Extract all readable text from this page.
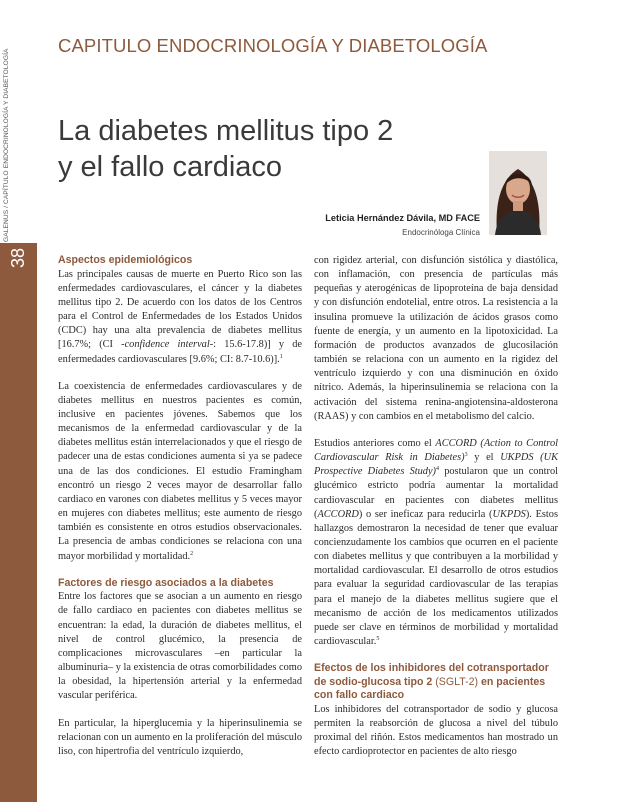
GALENUS / CAPÍTULO ENDOCRINOLOGÍA Y DIABETOLOGÍA
38
CAPITULO ENDOCRINOLOGÍA Y DIABETOLOGÍA
La diabetes mellitus tipo 2
y el fallo cardiaco
Leticia Hernández Dávila, MD FACE
Endocrinóloga Clínica
Aspectos epidemiológicos

Las principales causas de muerte en Puerto Rico son las enfermedades cardiovasculares, el cáncer y la diabetes mellitus tipo 2. De acuerdo con los datos de los Centros para el Control de Enfermedades de los Estados Unidos (CDC) hay una alta prevalencia de diabetes mellitus [16.7%; (CI -confidence interval-: 15.6-17.8)] y de enfermedades cardiovasculares [9.6%; CI: 8.7-10.6)].$^1$

La coexistencia de enfermedades cardiovasculares y de diabetes mellitus en nuestros pacientes es común, inclusive en pacientes jóvenes. Sabemos que los mecanismos de la enfermedad cardiovascular y de la diabetes mellitus están interrelacionados y que el riesgo de padecer una de estas condiciones aumenta si ya se padece una de las dos condiciones. El estudio Framingham encontró un riesgo 2 veces mayor de desarrollar fallo cardiaco en varones con diabetes mellitus y 5 veces mayor en mujeres con diabetes mellitus; este aumento de riesgo también es consistente en otros estudios observacionales. La presencia de ambas condiciones se relaciona con una mayor morbilidad y mortalidad.$^2$

Factores de riesgo asociados a la diabetes

Entre los factores que se asocian a un aumento en riesgo de fallo cardiaco en pacientes con diabetes mellitus se encuentran: la edad, la duración de diabetes mellitus, el nivel de control glucémico, la presencia de complicaciones microvasculares –en particular la albuminuria– y la existencia de otras comorbilidades como la obesidad, la hipertensión arterial y la enfermedad vascular periférica.

En particular, la hiperglucemia y la hiperinsulinemia se relacionan con un aumento en la proliferación del músculo liso, con hipertrofia del ventrículo izquierdo,

con rigidez arterial, con disfunción sistólica y diastólica, con inflamación, con presencia de partículas más pequeñas y aterogénicas de lipoproteína de baja densidad y con disfunción endotelial, entre otros. La resistencia a la insulina promueve la utilización de ácidos grasos como fuente de energía, y un aumento en la lipotoxicidad. La formación de productos avanzados de glucosilación también se relaciona con un aumento en la rigidez del ventrículo izquierdo y con una disminución en óxido nítrico. Además, la hiperinsulinemia se relaciona con la activación del sistema renina-angiotensina-aldosterona (RAAS) y con cambios en el metabolismo del calcio.

Estudios anteriores como el ACCORD (Action to Control Cardiovascular Risk in Diabetes)$^3$ y el UKPDS (UK Prospective Diabetes Study)$^4$ postularon que un control glucémico estricto podría aumentar la mortalidad cardiovascular en pacientes con diabetes mellitus (ACCORD) o ser ineficaz para reducirla (UKPDS). Estos hallazgos demostraron la necesidad de tener que evaluar concienzudamente los cambios que ocurren en el paciente con diabetes mellitus y que contribuyen a la morbilidad y mortalidad cardiovascular. El desarrollo de otros estudios para evaluar la seguridad cardiovascular de las terapias para el manejo de la diabetes mellitus sugiere que el mecanismo de acción de los medicamentos utilizados puede ser clave en términos de morbilidad y mortalidad cardiovascular.$^5$

Efectos de los inhibidores del cotransportador de sodio-glucosa tipo 2 (SGLT-2) en pacientes con fallo cardiaco

Los inhibidores del cotransportador de sodio y glucosa permiten la reabsorción de glucosa a nivel del túbulo proximal del riñón. Estos medicamentos han mostrado un efecto cardioprotector en pacientes de alto riesgo
